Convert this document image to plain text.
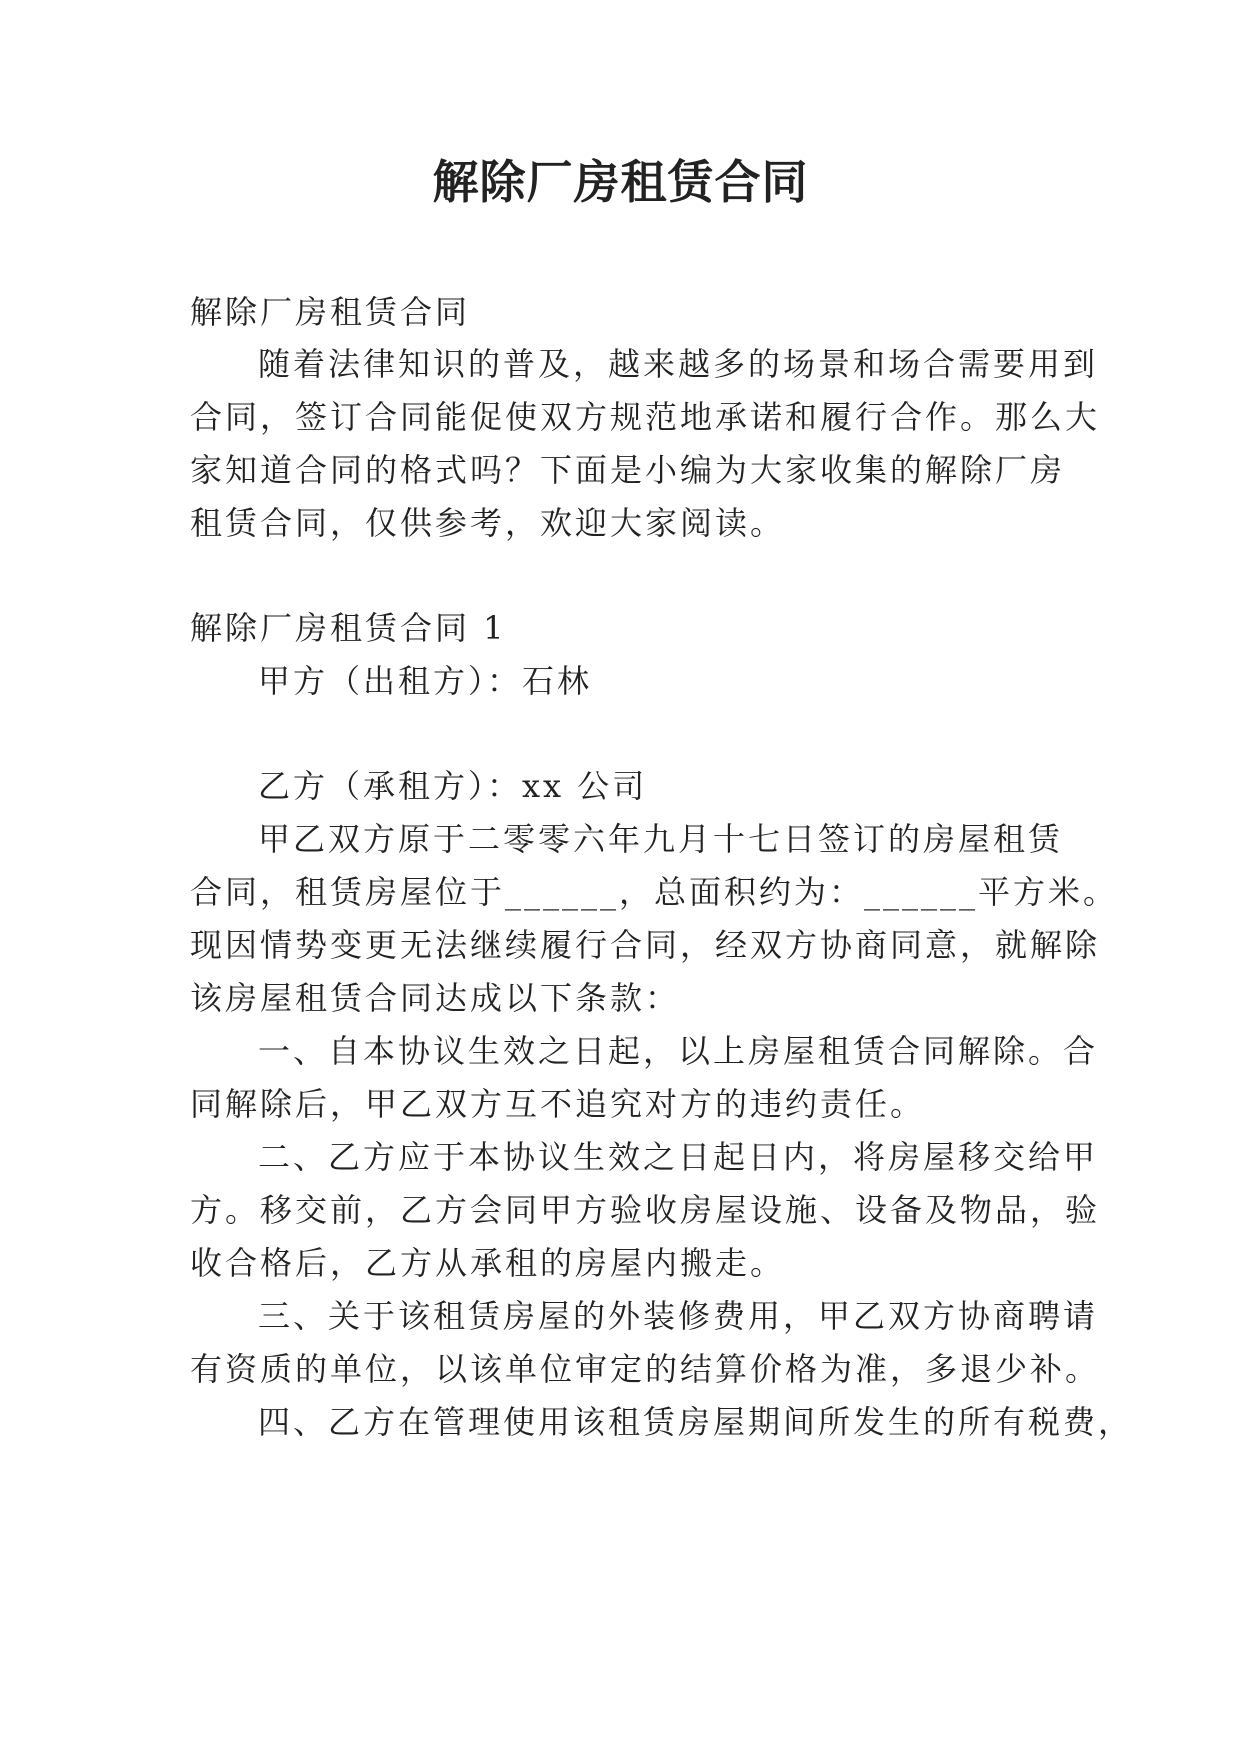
解除厂房租赁合同
解除厂房租赁合同
随着法律知识的普及，越来越多的场景和场合需要用到
合同，签订合同能促使双方规范地承诺和履行合作。那么大
家知道合同的格式吗？下面是小编为大家收集的解除厂房
租赁合同，仅供参考，欢迎大家阅读。
解除厂房租赁合同 1
甲方（出租方）：石林
乙方（承租方）：xx 公司
甲乙双方原于二零零六年九月十七日签订的房屋租赁
合同，租赁房屋位于______，总面积约为：______平方米。
现因情势变更无法继续履行合同，经双方协商同意，就解除
该房屋租赁合同达成以下条款：
一、自本协议生效之日起，以上房屋租赁合同解除。合
同解除后，甲乙双方互不追究对方的违约责任。
二、乙方应于本协议生效之日起日内，将房屋移交给甲
方。移交前，乙方会同甲方验收房屋设施、设备及物品，验
收合格后，乙方从承租的房屋内搬走。
三、关于该租赁房屋的外装修费用，甲乙双方协商聘请
有资质的单位，以该单位审定的结算价格为准，多退少补。
四、乙方在管理使用该租赁房屋期间所发生的所有税费，
